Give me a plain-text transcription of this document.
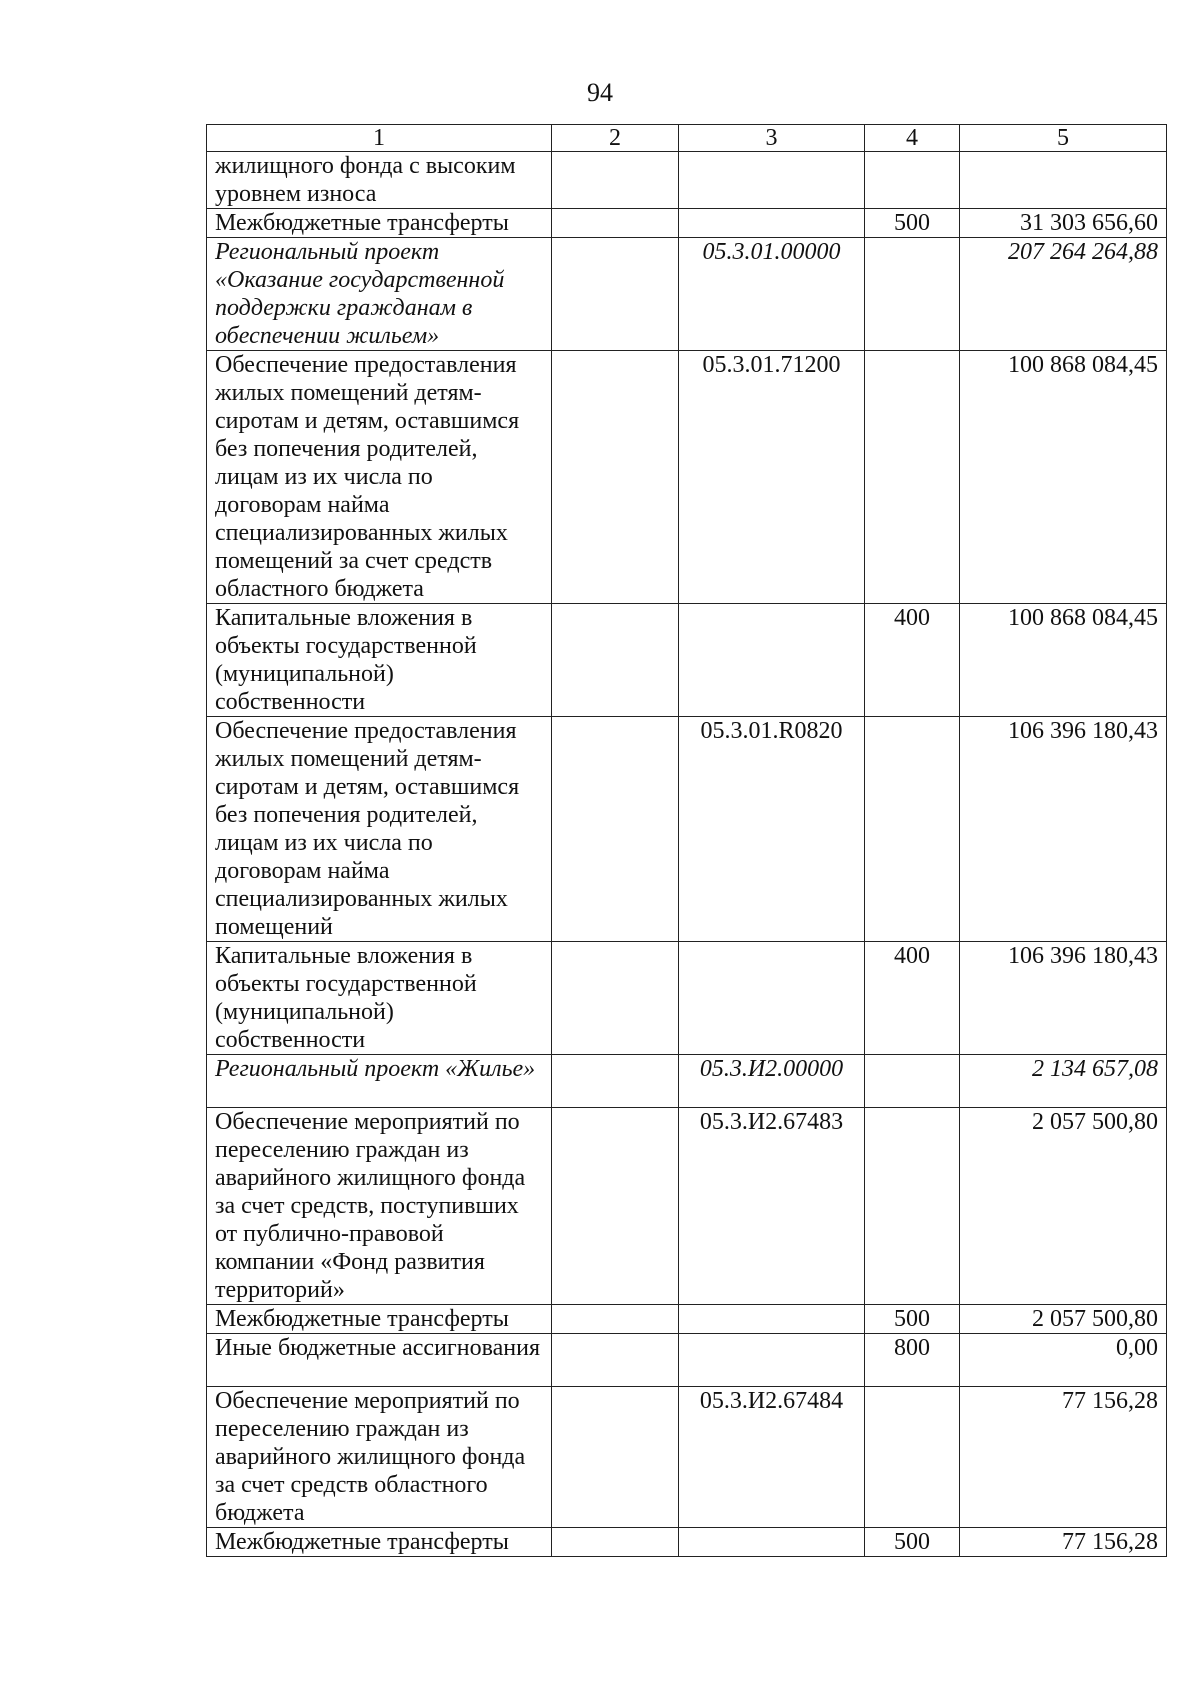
94
1	2	3	4	5
жилищного фонда с высоким уровнем износа				
Межбюджетные трансферты			500	31 303 656,60
Региональный проект «Оказание государственной поддержки гражданам в обеспечении жильем»		05.3.01.00000		207 264 264,88
Обеспечение предоставления жилых помещений детям-сиротам и детям, оставшимся без попечения родителей, лицам из их числа по договорам найма специализированных жилых помещений за счет средств областного бюджета		05.3.01.71200		100 868 084,45
Капитальные вложения в объекты государственной (муниципальной) собственности			400	100 868 084,45
Обеспечение предоставления жилых помещений детям-сиротам и детям, оставшимся без попечения родителей, лицам из их числа по договорам найма специализированных жилых помещений		05.3.01.R0820		106 396 180,43
Капитальные вложения в объекты государственной (муниципальной) собственности			400	106 396 180,43
Региональный проект «Жилье»		05.3.И2.00000		2 134 657,08
Обеспечение мероприятий по переселению граждан из аварийного жилищного фонда за счет средств, поступивших от публично-правовой компании «Фонд развития территорий»		05.3.И2.67483		2 057 500,80
Межбюджетные трансферты			500	2 057 500,80
Иные бюджетные ассигнования			800	0,00
Обеспечение мероприятий по переселению граждан из аварийного жилищного фонда за счет средств областного бюджета		05.3.И2.67484		77 156,28
Межбюджетные трансферты			500	77 156,28
